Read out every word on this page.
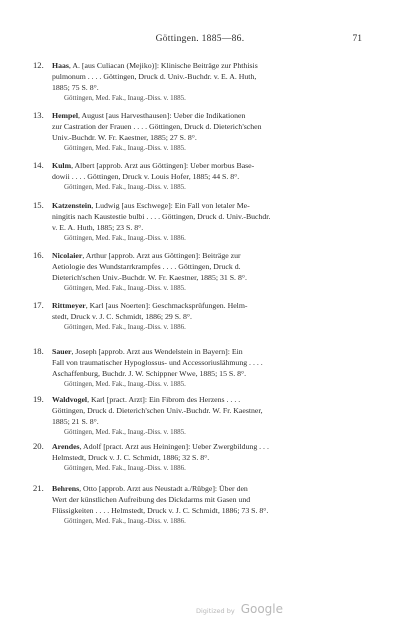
Göttingen. 1885—86.	71
12. Haas, A. [aus Culiacan (Mejiko)]: Klinische Beiträge zur Phthisis
pulmonum . . . . Göttingen, Druck d. Univ.-Buchdr. v. E. A. Huth,
1885; 75 S. 8°.
Göttingen, Med. Fak., Inaug.-Diss. v. 1885.
13. Hempel, August [aus Harvesthausen]: Ueber die Indikationen
zur Castration der Frauen . . . . Göttingen, Druck d. Dieterich'schen
Univ.-Buchdr. W. Fr. Kaestner, 1885; 27 S. 8°.
Göttingen, Med. Fak., Inaug.-Diss. v. 1885.
14. Kulm, Albert [approb. Arzt aus Göttingen]: Ueber morbus Base-
dowii . . . . Göttingen, Druck v. Louis Hofer, 1885; 44 S. 8°.
Göttingen, Med. Fak., Inaug.-Diss. v. 1885.
15. Katzenstein, Ludwig [aus Eschwege]: Ein Fall von letaler Me-
ningitis nach Kaustestie bulbi . . . . Göttingen, Druck d. Univ.-Buchdr.
v. E. A. Huth, 1885; 23 S. 8°.
Göttingen, Med. Fak., Inaug.-Diss. v. 1886.
16. Nicolaier, Arthur [approb. Arzt aus Göttingen]: Beiträge zur
Aetiologie des Wundstarrkrampfes . . . . Göttingen, Druck d.
Dieterich'schen Univ.-Buchdr. W. Fr. Kaestner, 1885; 31 S. 8°.
Göttingen, Med. Fak., Inaug.-Diss. v. 1885.
17. Rittmeyer, Karl [aus Noerten]: Geschmacksprüfungen. Helm-
stedt, Druck v. J. C. Schmidt, 1886; 29 S. 8°.
Göttingen, Med. Fak., Inaug.-Diss. v. 1886.
18. Sauer, Joseph [approb. Arzt aus Wendelstein in Bayern]: Ein
Fall von traumatischer Hypoglossus- und Accessoriuslähmung . . . .
Aschaffenburg, Buchdr. J. W. Schippner Wwe, 1885; 15 S. 8°.
Göttingen, Med. Fak., Inaug.-Diss. v. 1885.
19. Waldvogel, Karl [pract. Arzt]: Ein Fibrom des Herzens . . . .
Göttingen, Druck d. Dieterich'schen Univ.-Buchdr. W. Fr. Kaestner,
1885; 21 S. 8°.
Göttingen, Med. Fak., Inaug.-Diss. v. 1885.
20. Arendes, Adolf [pract. Arzt aus Heiningen]: Ueber Zwergbildung . . .
Helmstedt, Druck v. J. C. Schmidt, 1886; 32 S. 8°.
Göttingen, Med. Fak., Inaug.-Diss. v. 1886.
21. Behrens, Otto [approb. Arzt aus Neustadt a./Rübge]: Über den
Wert der künstlichen Aufreibung des Dickdarms mit Gasen und
Flüssigkeiten . . . . Helmstedt, Druck v. J. C. Schmidt, 1886; 73 S. 8°.
Göttingen, Med. Fak., Inaug.-Diss. v. 1886.
Digitized by Google
